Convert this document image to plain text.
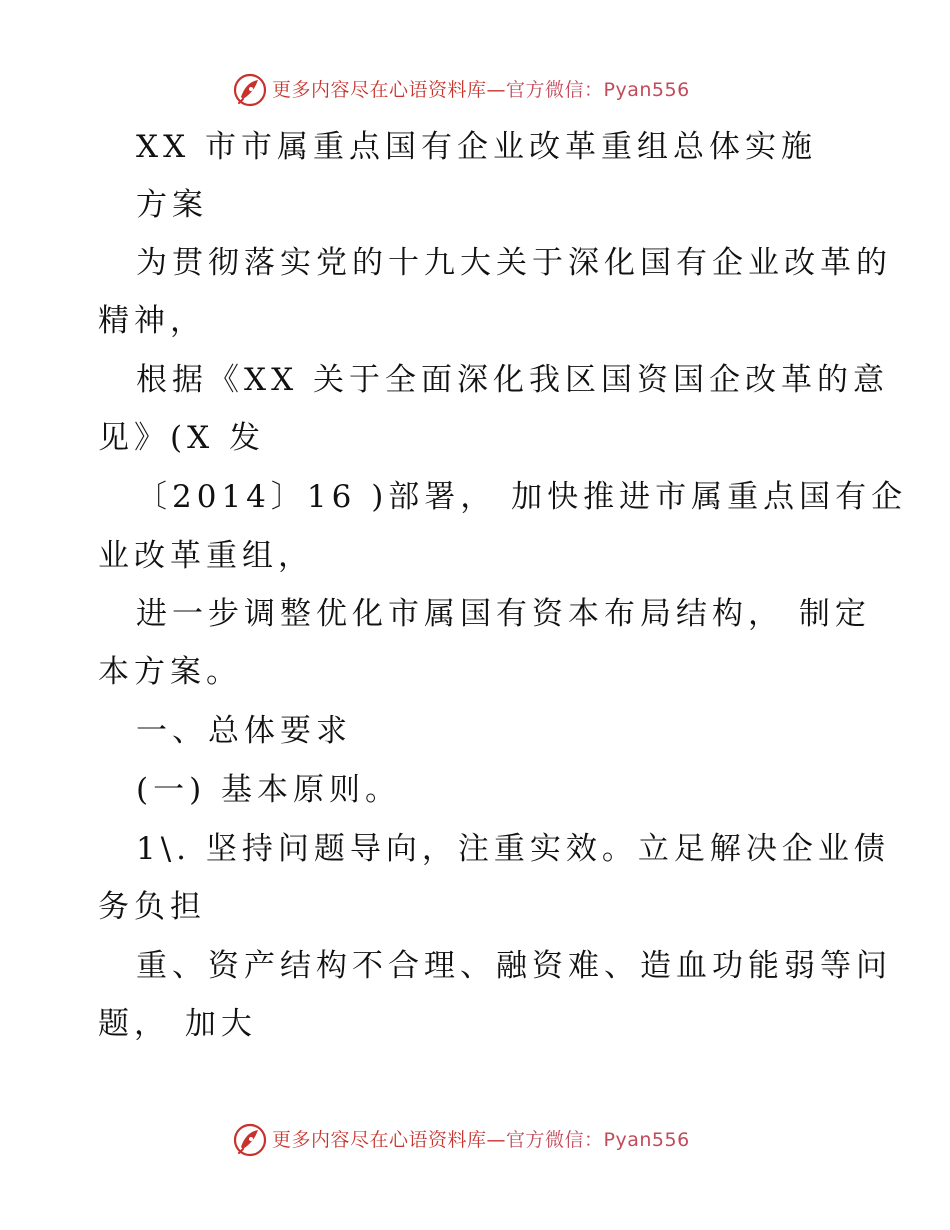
更多内容尽在心语资料库—官方微信：Pyan556
XX 市市属重点国有企业改革重组总体实施
方案
为贯彻落实党的十九大关于深化国有企业改革的
精神，
根据《XX 关于全面深化我区国资国企改革的意
见》(X 发
〔2014〕16 )部署， 加快推进市属重点国有企
业改革重组，
进一步调整优化市属国有资本布局结构， 制定
本方案。
一、总体要求
(一) 基本原则。
1\. 坚持问题导向，注重实效。立足解决企业债
务负担
重、资产结构不合理、融资难、造血功能弱等问
题， 加大
更多内容尽在心语资料库—官方微信：Pyan556
